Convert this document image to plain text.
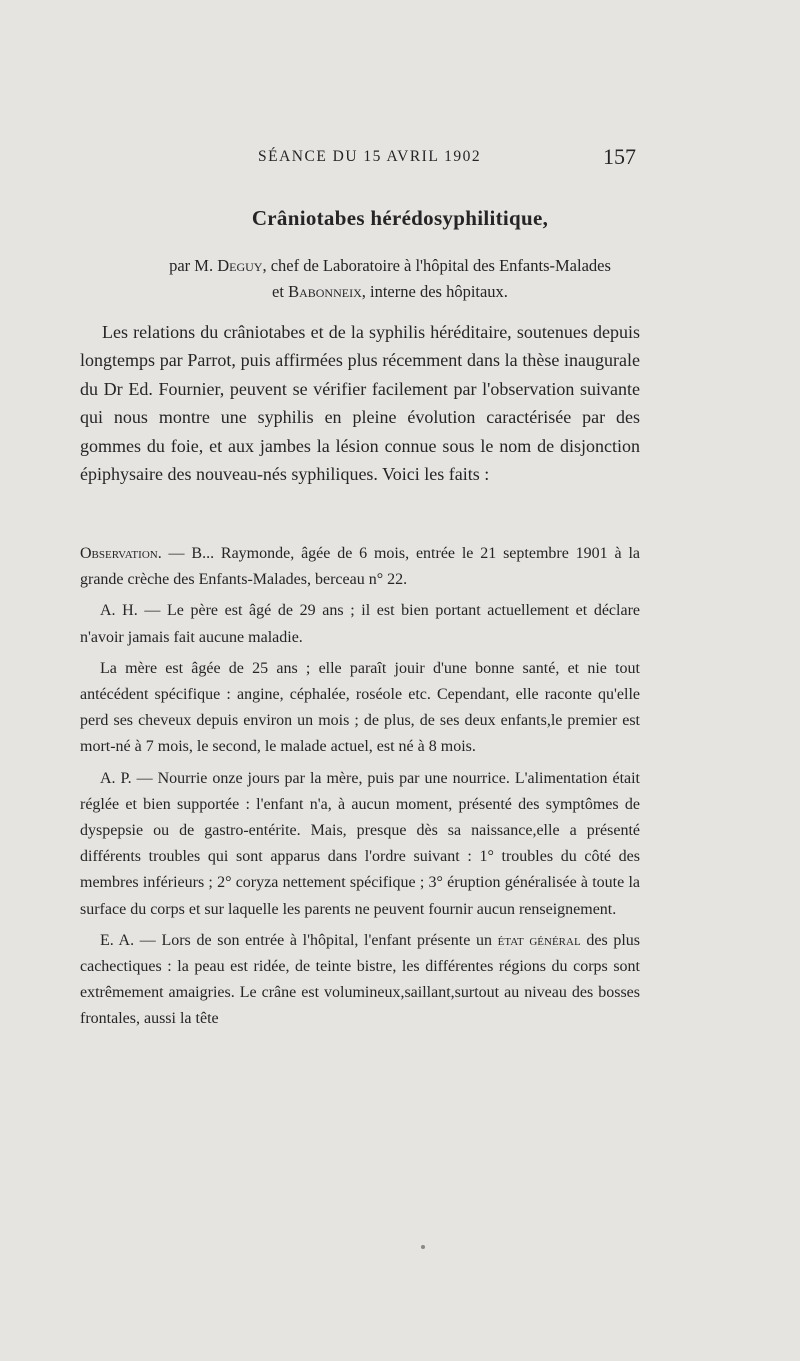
SÉANCE DU 15 AVRIL 1902	157
Crâniotabes hérédosyphilitique,
par M. Deguy, chef de Laboratoire à l'hôpital des Enfants-Malades
et Babonneix, interne des hôpitaux.

Les relations du crâniotabes et de la syphilis héréditaire, soutenues depuis longtemps par Parrot, puis affirmées plus récemment dans la thèse inaugurale du Dr Ed. Fournier, peuvent se vérifier facilement par l'observation suivante qui nous montre une syphilis en pleine évolution caractérisée par des gommes du foie, et aux jambes la lésion connue sous le nom de disjonction épiphysaire des nouveau-nés syphiliques. Voici les faits :

Observation. — B... Raymonde, âgée de 6 mois, entrée le 21 septembre 1901 à la grande crèche des Enfants-Malades, berceau n° 22.

A. H. — Le père est âgé de 29 ans ; il est bien portant actuellement et déclare n'avoir jamais fait aucune maladie.

La mère est âgée de 25 ans ; elle paraît jouir d'une bonne santé, et nie tout antécédent spécifique : angine, céphalée, roséole etc. Cependant, elle raconte qu'elle perd ses cheveux depuis environ un mois ; de plus, de ses deux enfants,le premier est mort-né à 7 mois, le second, le malade actuel, est né à 8 mois.

A. P. — Nourrie onze jours par la mère, puis par une nourrice. L'alimentation était réglée et bien supportée : l'enfant n'a, à aucun moment, présenté des symptômes de dyspepsie ou de gastro-entérite. Mais, presque dès sa naissance,elle a présenté différents troubles qui sont apparus dans l'ordre suivant : 1° troubles du côté des membres inférieurs ; 2° coryza nettement spécifique ; 3° éruption généralisée à toute la surface du corps et sur laquelle les parents ne peuvent fournir aucun renseignement.

E. A. — Lors de son entrée à l'hôpital, l'enfant présente un état général des plus cachectiques : la peau est ridée, de teinte bistre, les différentes régions du corps sont extrêmement amaigries. Le crâne est volumineux,saillant,surtout au niveau des bosses frontales, aussi la tête
